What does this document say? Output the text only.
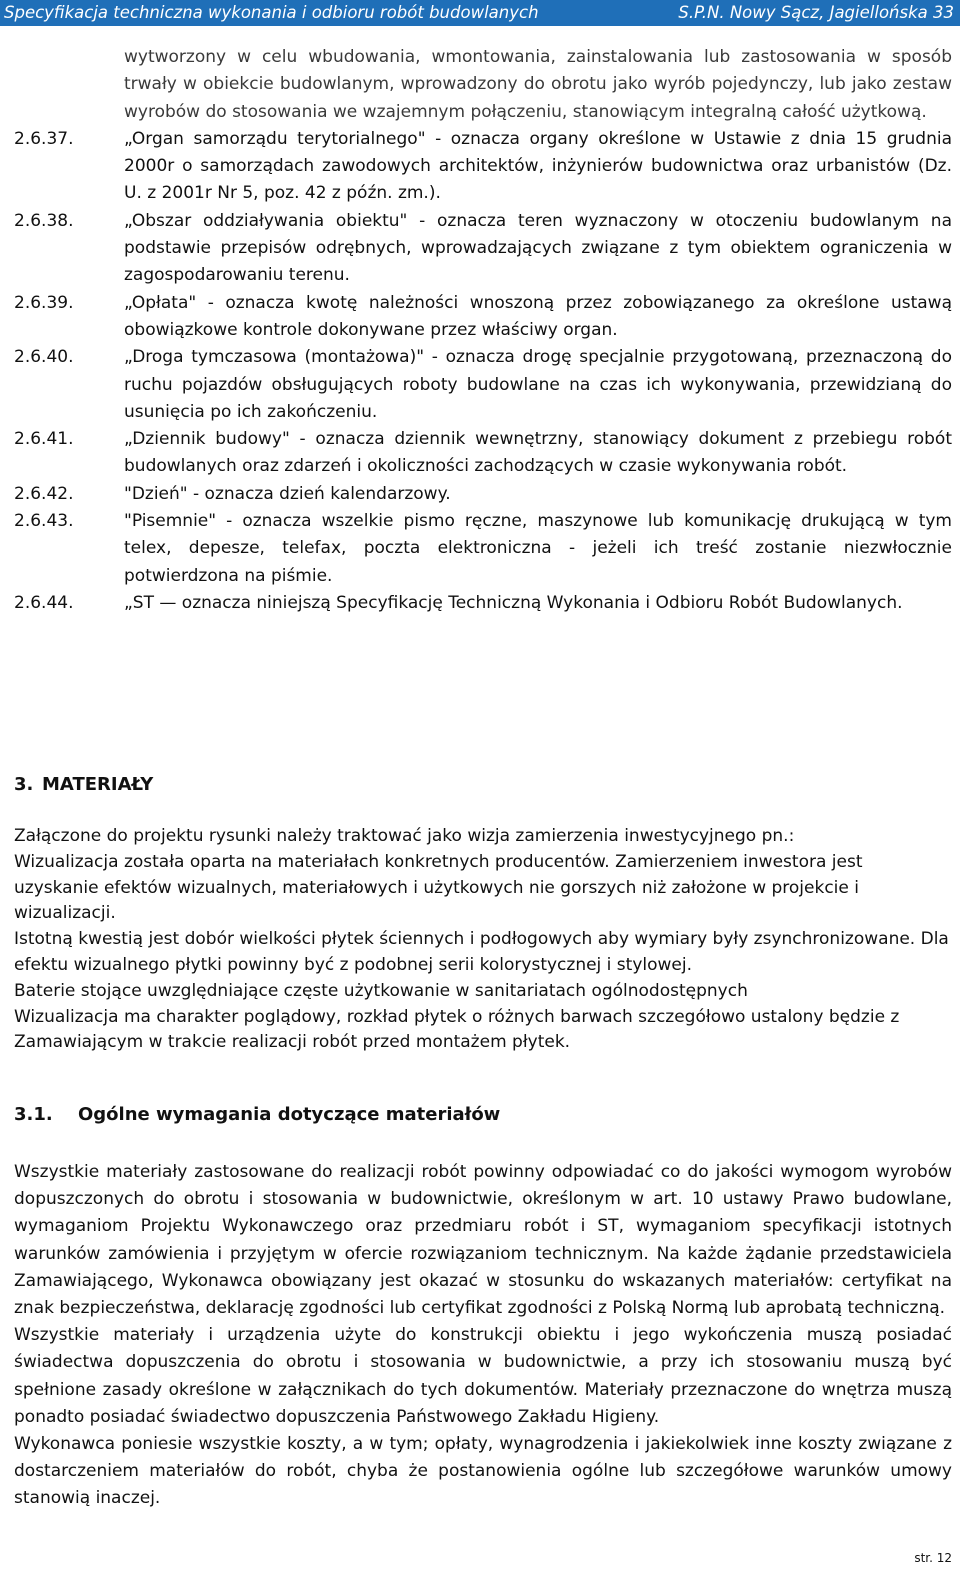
Specyfikacja techniczna wykonania i odbioru robót budowlanych	S.P.N. Nowy Sącz, Jagiellońska 33
wytworzony w celu wbudowania, wmontowania, zainstalowania lub zastosowania w sposób trwały w obiekcie budowlanym, wprowadzony do obrotu jako wyrób pojedynczy, lub jako zestaw wyrobów do stosowania we wzajemnym połączeniu, stanowiącym integralną całość użytkową.
2.6.37.	„Organ samorządu terytorialnego" - oznacza organy określone w Ustawie z dnia 15 grudnia 2000r o samorządach zawodowych architektów, inżynierów budownictwa oraz urbanistów (Dz. U. z 2001r Nr 5, poz. 42 z późn. zm.).
2.6.38.	„Obszar oddziaływania obiektu" - oznacza teren wyznaczony w otoczeniu budowlanym na podstawie przepisów odrębnych, wprowadzających związane z tym obiektem ograniczenia w zagospodarowaniu terenu.
2.6.39.	„Opłata" - oznacza kwotę należności wnoszoną przez zobowiązanego za określone ustawą obowiązkowe kontrole dokonywane przez właściwy organ.
2.6.40.	„Droga tymczasowa (montażowa)" - oznacza drogę specjalnie przygotowaną, przeznaczoną do ruchu pojazdów obsługujących roboty budowlane na czas ich wykonywania, przewidzianą do usunięcia po ich zakończeniu.
2.6.41.	„Dziennik budowy" - oznacza dziennik wewnętrzny, stanowiący dokument z przebiegu robót budowlanych oraz zdarzeń i okoliczności zachodzących w czasie wykonywania robót.
2.6.42.	"Dzień" - oznacza dzień kalendarzowy.
2.6.43.	"Pisemnie" - oznacza wszelkie pismo ręczne, maszynowe lub komunikację drukującą w tym telex, depesze, telefax, poczta elektroniczna - jeżeli ich treść zostanie niezwłocznie potwierdzona na piśmie.
2.6.44.	„ST — oznacza niniejszą Specyfikację Techniczną Wykonania i Odbioru Robót Budowlanych.
3. MATERIAŁY

Załączone do projektu rysunki należy traktować jako wizja zamierzenia inwestycyjnego pn.:

Wizualizacja została oparta na materiałach konkretnych producentów. Zamierzeniem inwestora jest uzyskanie efektów wizualnych, materiałowych i użytkowych nie gorszych niż założone w projekcie i wizualizacji.

Istotną kwestią jest dobór wielkości płytek ściennych i podłogowych aby wymiary były zsynchronizowane. Dla efektu wizualnego płytki powinny być z podobnej serii kolorystycznej i stylowej.

Baterie stojące uwzględniające częste użytkowanie w sanitariatach ogólnodostępnych

Wizualizacja ma charakter poglądowy, rozkład płytek o różnych barwach szczegółowo ustalony będzie z Zamawiającym w trakcie realizacji robót przed montażem płytek.

3.1. Ogólne wymagania dotyczące materiałów

Wszystkie materiały zastosowane do realizacji robót powinny odpowiadać co do jakości wymogom wyrobów dopuszczonych do obrotu i stosowania w budownictwie, określonym w art. 10 ustawy Prawo budowlane, wymaganiom Projektu Wykonawczego oraz przedmiaru robót i ST, wymaganiom specyfikacji istotnych warunków zamówienia i przyjętym w ofercie rozwiązaniom technicznym. Na każde żądanie przedstawiciela Zamawiającego, Wykonawca obowiązany jest okazać w stosunku do wskazanych materiałów: certyfikat na znak bezpieczeństwa, deklarację zgodności lub certyfikat zgodności z Polską Normą lub aprobatą techniczną.

Wszystkie materiały i urządzenia użyte do konstrukcji obiektu i jego wykończenia muszą posiadać świadectwa dopuszczenia do obrotu i stosowania w budownictwie, a przy ich stosowaniu muszą być spełnione zasady określone w załącznikach do tych dokumentów. Materiały przeznaczone do wnętrza muszą ponadto posiadać świadectwo dopuszczenia Państwowego Zakładu Higieny.

Wykonawca poniesie wszystkie koszty, a w tym; opłaty, wynagrodzenia i jakiekolwiek inne koszty związane z dostarczeniem materiałów do robót, chyba że postanowienia ogólne lub szczegółowe warunków umowy stanowią inaczej.

str. 12
